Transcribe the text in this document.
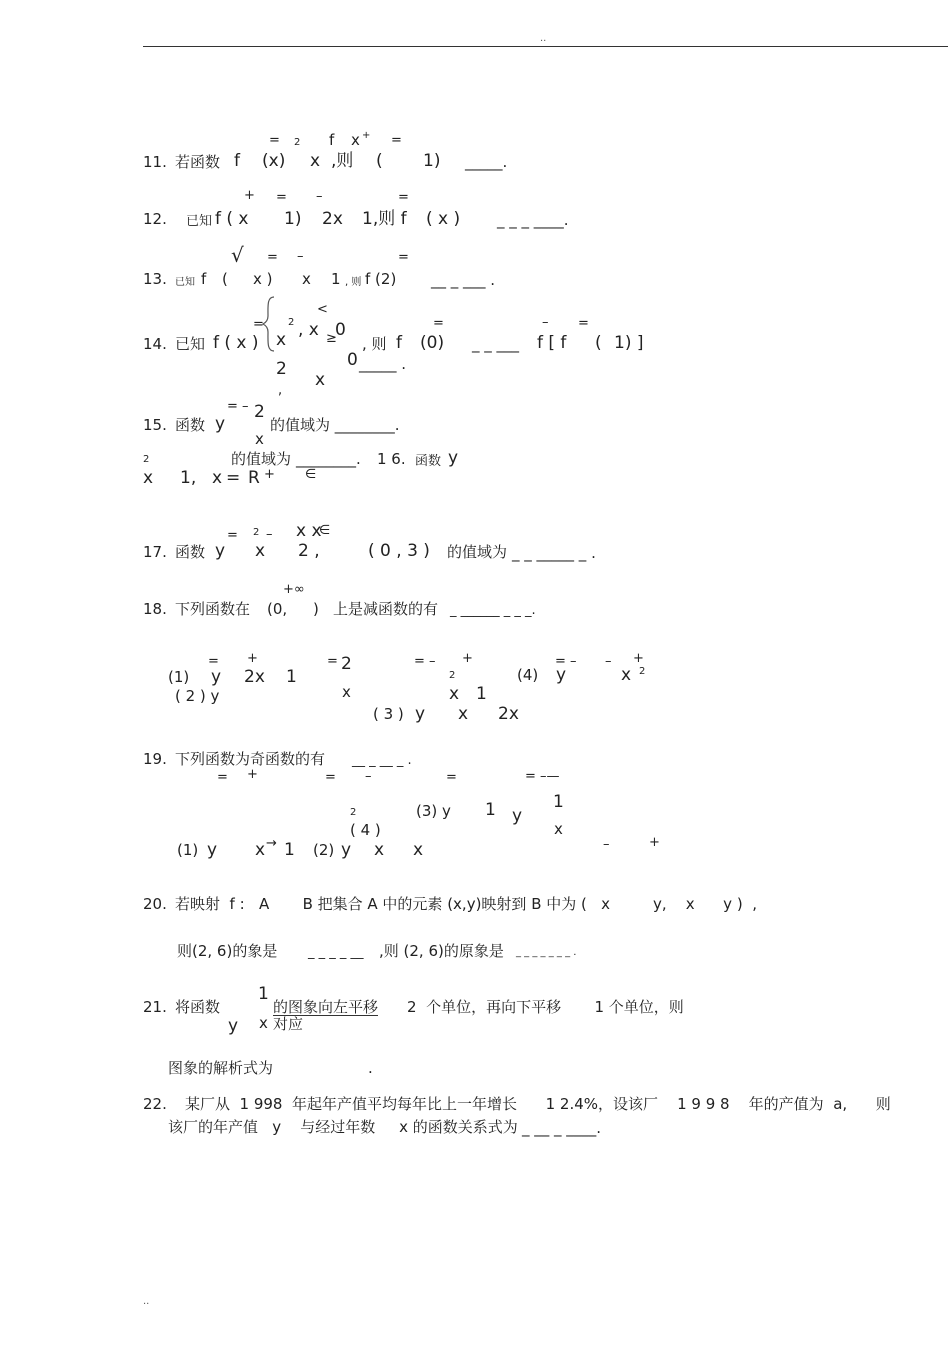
..
= 2 f x + =
11. 若函数 f (x) x ,则 ( 1) _____.
+ = –	=
12. 已知 f ( x 1) 2x 1,则 f ( x ) _ _ _ ____.
√ = –	=
13. 已知 f ( x ) x 1 , 则 f (2) __ _ ___ .
<
= 2 , x 0
≥
=	– =
14. 已知 f ( x ) x	, 则 f (0) _ _ ___ f [ f ( 1) ]
0 _____ .
2
x
,
= – 2
15. 函数 y	的值域为 ________.
x
2	的值域为 ________. 1 6. 函数 y
x 1, x = R + ∈
x x
∈
= 2 –
17. 函数 y x 2 ,	( 0 , 3 ) 的值域为 _ _ _____ _ .
+∞
18. 下列函数在 (0, ) 上是减函数的有 _ ______ _ _ _.
= +	= 2	= – +	= – – +
(1) y 2x 1	2	(4) y	x 2
( 2 ) y	x	x 1
( 3 ) y x 2x
19. 下列函数为奇函数的有 __ _ __ _ .
= +	= –	=	= –—
1
2	(3) y 1 y
( 4 )	x
–	+
(1) y x → 1 (2) y x x
20. 若映射  f :   A       B 把集合 A 中的元素 (x,y)映射到 B 中为 (   x         y,    x      y )  ,
则(2, 6)的象是 _ _ _ _ __ ,则 (2, 6)的原象是 _ _ _ _ _ _ _ .
1
21. 将函数	的图象向左平移 2  个单位，再向下平移       1 个单位，则
x 对应
y
图象的解析式为	.
22. 某厂从  1 998  年起年产值平均每年比上一年增长      1 2.4%，设该厂    1 9 9 8    年的产值为  a,      则
该厂的年产值   y    与经过年数     x 的函数关系式为 _ __ _ ____.
..
